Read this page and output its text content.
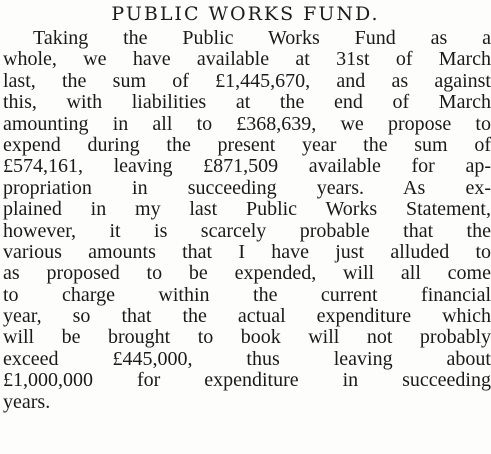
PUBLIC WORKS FUND.
Taking the Public Works Fund as a
whole, we have available at 31st of March
last, the sum of £1,445,670, and as against
this, with liabilities at the end of March
amounting in all to £368,639, we propose to
expend during the present year the sum of
£574,161, leaving £871,509 available for ap-
propriation in succeeding years. As ex-
plained in my last Public Works Statement,
however, it is scarcely probable that the
various amounts that I have just alluded to
as proposed to be expended, will all come
to charge within the current financial
year, so that the actual expenditure which
will be brought to book will not probably
exceed £445,000, thus leaving about
£1,000,000 for expenditure in succeeding
years.
